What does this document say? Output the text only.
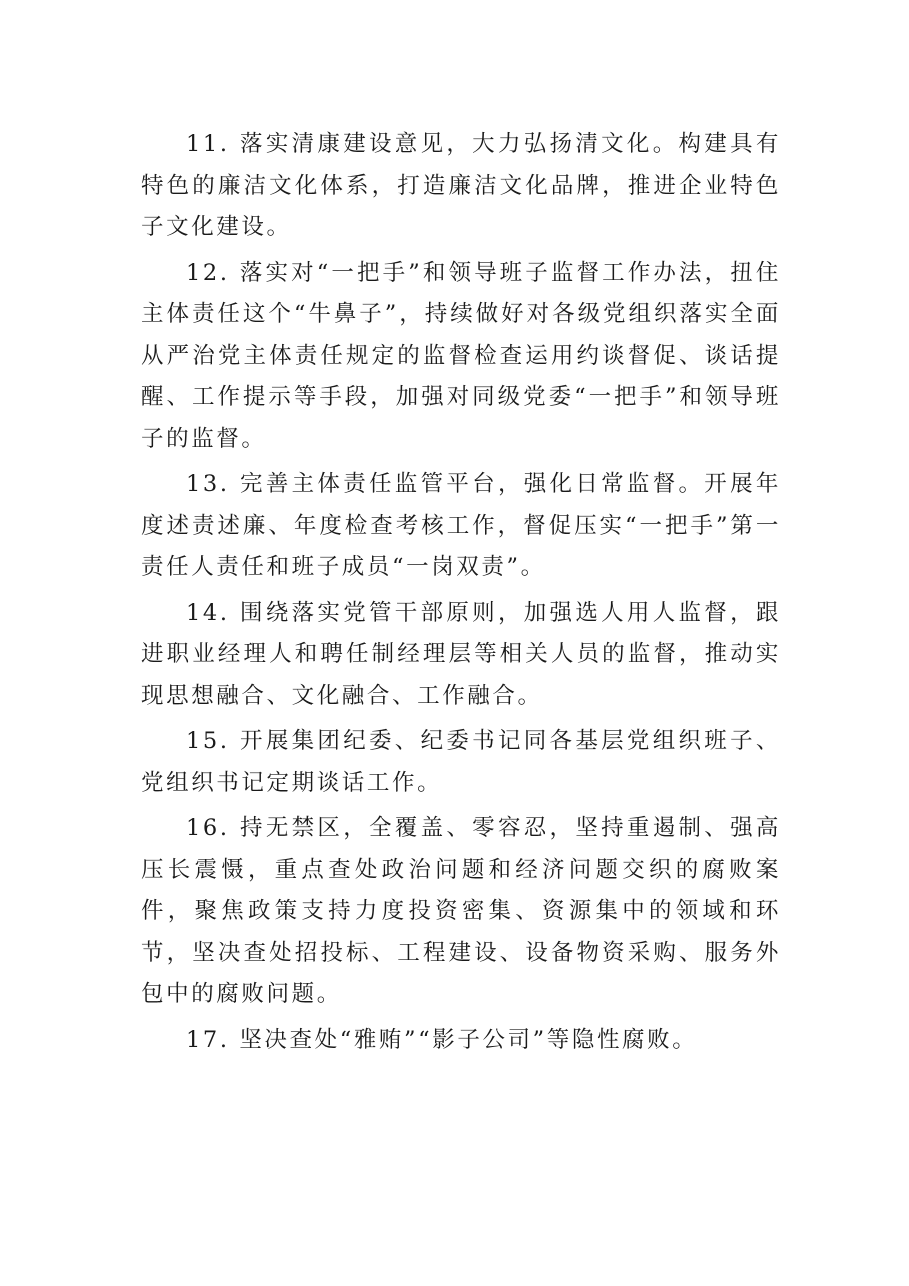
11. 落实清康建设意见，大力弘扬清文化。构建具有特色的廉洁文化体系，打造廉洁文化品牌，推进企业特色子文化建设。

12. 落实对“一把手”和领导班子监督工作办法，扭住主体责任这个“牛鼻子”，持续做好对各级党组织落实全面从严治党主体责任规定的监督检查运用约谈督促、谈话提醒、工作提示等手段，加强对同级党委“一把手”和领导班子的监督。

13. 完善主体责任监管平台，强化日常监督。开展年度述责述廉、年度检查考核工作，督促压实“一把手”第一责任人责任和班子成员“一岗双责”。

14. 围绕落实党管干部原则，加强选人用人监督，跟进职业经理人和聘任制经理层等相关人员的监督，推动实现思想融合、文化融合、工作融合。

15. 开展集团纪委、纪委书记同各基层党组织班子、党组织书记定期谈话工作。

16. 持无禁区，全覆盖、零容忍，坚持重遏制、强高压长震慑，重点查处政治问题和经济问题交织的腐败案件，聚焦政策支持力度投资密集、资源集中的领域和环节，坚决查处招投标、工程建设、设备物资采购、服务外包中的腐败问题。

17. 坚决查处“雅贿”“影子公司”等隐性腐败。
